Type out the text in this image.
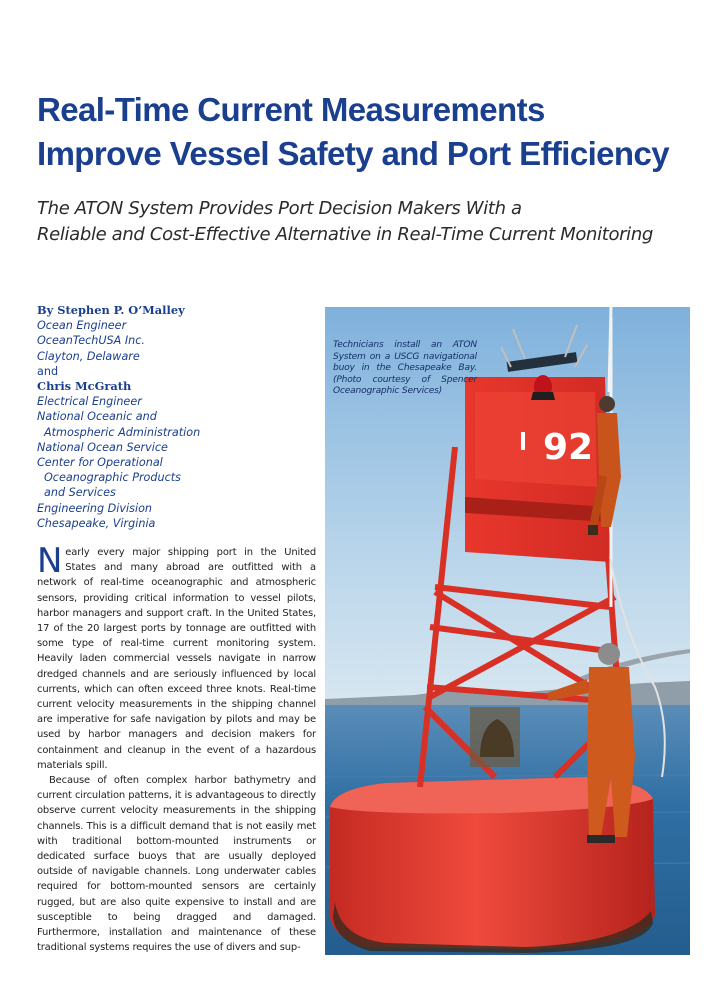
Real-Time Current Measurements
Improve Vessel Safety and Port Efficiency
The ATON System Provides Port Decision Makers With a
Reliable and Cost-Effective Alternative in Real-Time Current Monitoring
By Stephen P. O’Malley
Ocean Engineer
OceanTechUSA Inc.
Clayton, Delaware
and
Chris McGrath
Electrical Engineer
National Oceanic and
Atmospheric Administration
National Ocean Service
Center for Operational
Oceanographic Products
and Services
Engineering Division
Chesapeake, Virginia

Nearly every major shipping port in the United States and many abroad are outfitted with a network of real-time oceanographic and atmospheric sensors, providing critical information to vessel pilots, harbor managers and support craft. In the United States, 17 of the 20 largest ports by tonnage are outfitted with some type of real-time current monitoring system. Heavily laden commercial vessels navigate in narrow dredged channels and are seriously influenced by local currents, which can often exceed three knots. Real-time current velocity measurements in the shipping channel are imperative for safe navigation by pilots and may be used by harbor managers and decision makers for containment and cleanup in the event of a hazardous materials spill.

Because of often complex harbor bathymetry and current circulation patterns, it is advantageous to directly observe current velocity measurements in the shipping channels. This is a difficult demand that is not easily met with traditional bottom-mounted instruments or dedicated surface buoys that are usually deployed outside of navigable channels. Long underwater cables required for bottom-mounted sensors are certainly rugged, but are also quite expensive to install and are susceptible to being dragged and damaged. Furthermore, installation and maintenance of these traditional systems requires the use of divers and sup-

92

Technicians install an ATON System on a USCG navigational buoy in the Chesapeake Bay. (Photo courtesy of Spencer Oceanographic Services)
